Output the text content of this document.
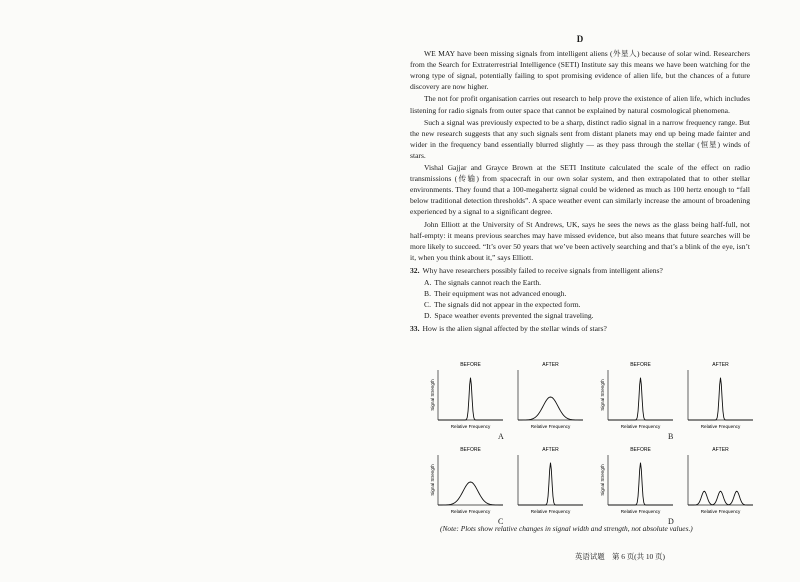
D

WE MAY have been missing signals from intelligent aliens (外星人) because of solar wind. Researchers from the Search for Extraterrestrial Intelligence (SETI) Institute say this means we have been watching for the wrong type of signal, potentially failing to spot promising evidence of alien life, but the chances of a future discovery are now higher.

The not for profit organisation carries out research to help prove the existence of alien life, which includes listening for radio signals from outer space that cannot be explained by natural cosmological phenomena.

Such a signal was previously expected to be a sharp, distinct radio signal in a narrow frequency range. But the new research suggests that any such signals sent from distant planets may end up being made fainter and wider in the frequency band essentially blurred slightly — as they pass through the stellar (恒星) winds of stars.

Vishal Gajjar and Grayce Brown at the SETI Institute calculated the scale of the effect on radio transmissions (传输) from spacecraft in our own solar system, and then extrapolated that to other stellar environments. They found that a 100-megahertz signal could be widened as much as 100 hertz enough to “fall below traditional detection thresholds”. A space weather event can similarly increase the amount of broadening experienced by a signal to a significant degree.

John Elliott at the University of St Andrews, UK, says he sees the news as the glass being half-full, not half-empty: it means previous searches may have missed evidence, but also means that future searches will be more likely to succeed. “It’s over 50 years that we’ve been actively searching and that’s a blink of the eye, isn’t it, when you think about it,” says Elliott.

32. Why have researchers possibly failed to receive signals from intelligent aliens?

A. The signals cannot reach the Earth.

B. Their equipment was not advanced enough.

C. The signals did not appear in the expected form.

D. Space weather events prevented the signal traveling.

33. How is the alien signal affected by the stellar winds of stars?
BEFORE
Relative Frequency
Signal Strength
AFTER
Relative Frequency
A
BEFORE
Relative Frequency
Signal Strength
AFTER
Relative Frequency
B
BEFORE
Relative Frequency
Signal Strength
AFTER
Relative Frequency
C
BEFORE
Relative Frequency
Signal Strength
AFTER
Relative Frequency
D
(Note: Plots show relative changes in signal width and strength, not absolute values.)
英语试题　第 6 页(共 10 页)
